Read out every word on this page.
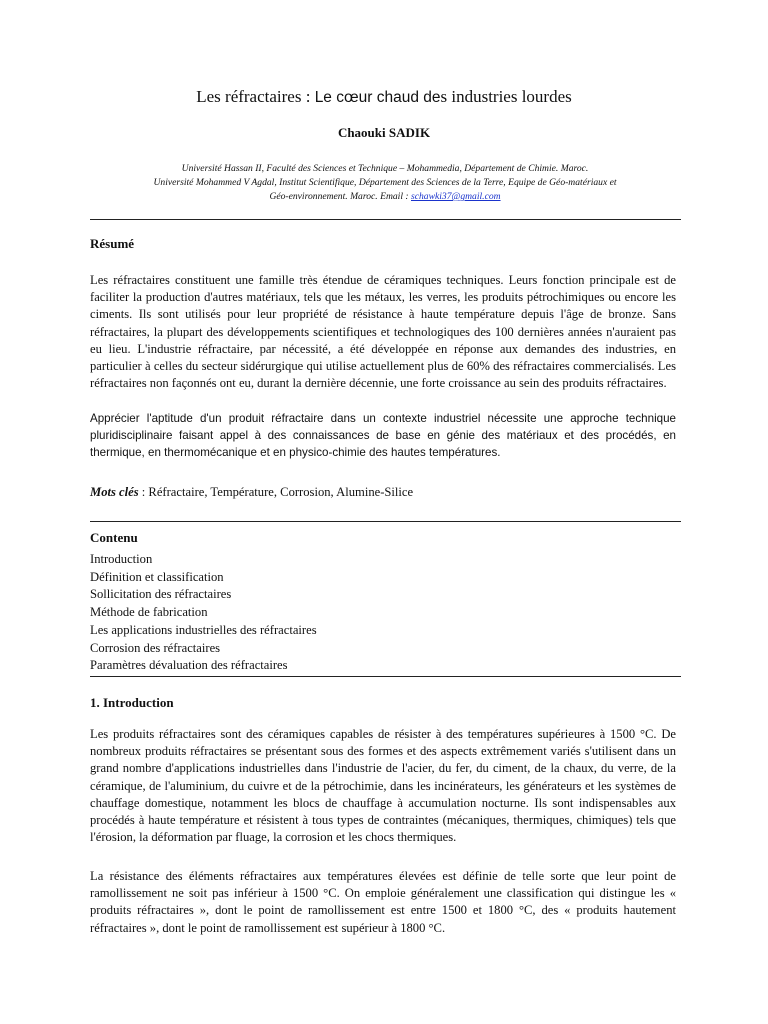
Les réfractaires : Le cœur chaud des industries lourdes
Chaouki SADIK
Université Hassan II, Faculté des Sciences et Technique – Mohammedia, Département de Chimie. Maroc.
Université Mohammed V Agdal, Institut Scientifique, Département des Sciences de la Terre, Equipe de Géo-matériaux et
Géo-environnement. Maroc. Email : schawki37@gmail.com
Résumé

Les réfractaires constituent une famille très étendue de céramiques techniques. Leurs fonction principale est de faciliter la production d'autres matériaux, tels que les métaux, les verres, les produits pétrochimiques ou encore les ciments. Ils sont utilisés pour leur propriété de résistance à haute température depuis l'âge de bronze. Sans réfractaires, la plupart des développements scientifiques et technologiques des 100 dernières années n'auraient pas eu lieu. L'industrie réfractaire, par nécessité, a été développée en réponse aux demandes des industries, en particulier à celles du secteur sidérurgique qui utilise actuellement plus de 60% des réfractaires commercialisés. Les réfractaires non façonnés ont eu, durant la dernière décennie, une forte croissance au sein des produits réfractaires.

Apprécier l'aptitude d'un produit réfractaire dans un contexte industriel nécessite une approche technique pluridisciplinaire faisant appel à des connaissances de base en génie des matériaux et des procédés, en thermique, en thermomécanique et en physico-chimie des hautes températures.

Mots clés : Réfractaire, Température, Corrosion, Alumine-Silice
Contenu
Introduction
Définition et classification
Sollicitation des réfractaires
Méthode de fabrication
Les applications industrielles des réfractaires
Corrosion des réfractaires
Paramètres dévaluation des réfractaires
1. Introduction

Les produits réfractaires sont des céramiques capables de résister à des températures supérieures à 1500 °C. De nombreux produits réfractaires se présentant sous des formes et des aspects extrêmement variés s'utilisent dans un grand nombre d'applications industrielles dans l'industrie de l'acier, du fer, du ciment, de la chaux, du verre, de la céramique, de l'aluminium, du cuivre et de la pétrochimie, dans les incinérateurs, les générateurs et les systèmes de chauffage domestique, notamment les blocs de chauffage à accumulation nocturne. Ils sont indispensables aux procédés à haute température et résistent à tous types de contraintes (mécaniques, thermiques, chimiques) tels que l'érosion, la déformation par fluage, la corrosion et les chocs thermiques.

La résistance des éléments réfractaires aux températures élevées est définie de telle sorte que leur point de ramollissement ne soit pas inférieur à 1500 °C. On emploie généralement une classification qui distingue les « produits réfractaires », dont le point de ramollissement est entre 1500 et 1800 °C, des « produits hautement réfractaires », dont le point de ramollissement est supérieur à 1800 °C.
